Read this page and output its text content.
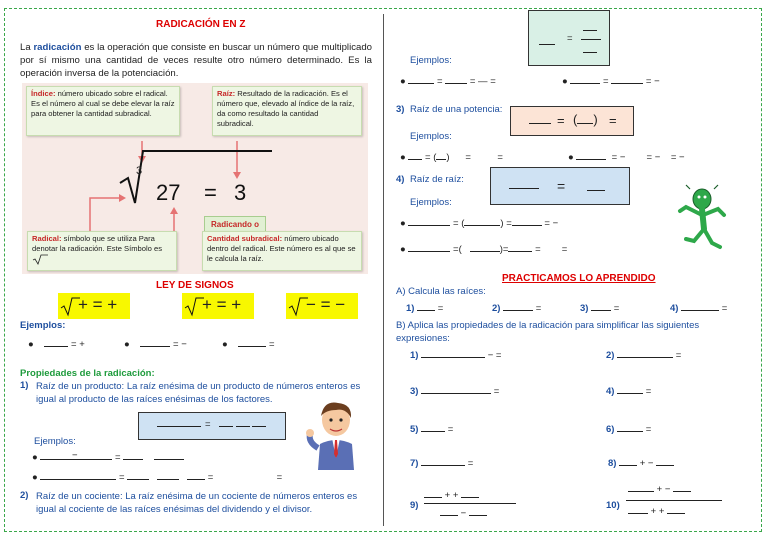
RADICACIÓN EN Z
La radicación es la operación que consiste en buscar un número que multiplicado por sí mismo una cantidad de veces resulte otro número determinado. Es la operación inversa de la potenciación.
Índice: número ubicado sobre el radical. Es el número al cual se debe elevar la raíz para obtener la cantidad subradical.
Raíz: Resultado de la radicación. Es el número que, elevado al índice de la raíz, da como resultado la cantidad subradical.
3
27 = 3
Radicando o
Radical: símbolo que se utiliza Para denotar la radicación. Este Símbolo es
Cantidad subradical: número ubicado dentro del radical. Este número es al que se le calcula la raíz.
LEY DE SIGNOS
+ = +	+ = +	− = −
Ejemplos:
●	= +	●	= −	●	=
Propiedades de la radicación:
1) Raíz de un producto: La raíz enésima de un producto de números enteros es igual al producto de las raíces enésimas de los factores.
=

Ejemplos:
●	−	=
●	=	=	=
2) Raíz de un cociente: La raíz enésima de un cociente de números enteros es igual al cociente de las raíces enésimas del dividendo y el divisor.
=
Ejemplos:
●	=	= — =	●	=	= −
3) Raíz de una potencia:
= ( ) =
Ejemplos:
●  = ( )      =	=	●	= − = − = −
4) Raíz de raíz:	=
Ejemplos:
●	= (	) =	= −
●	=(	)=	= =
PRACTICAMOS LO APRENDIDO
A) Calcula las raíces:
1) =	2)	=	3)	=	4)	=
B) Aplica las propiedades de la radicación para simplificar las siguientes expresiones:
1)	− =	2)	=
3)	=	4)	=
5)	=	6)	=
7)	=	8) + −
9)
+ +
−
10)
+ −
+ +
